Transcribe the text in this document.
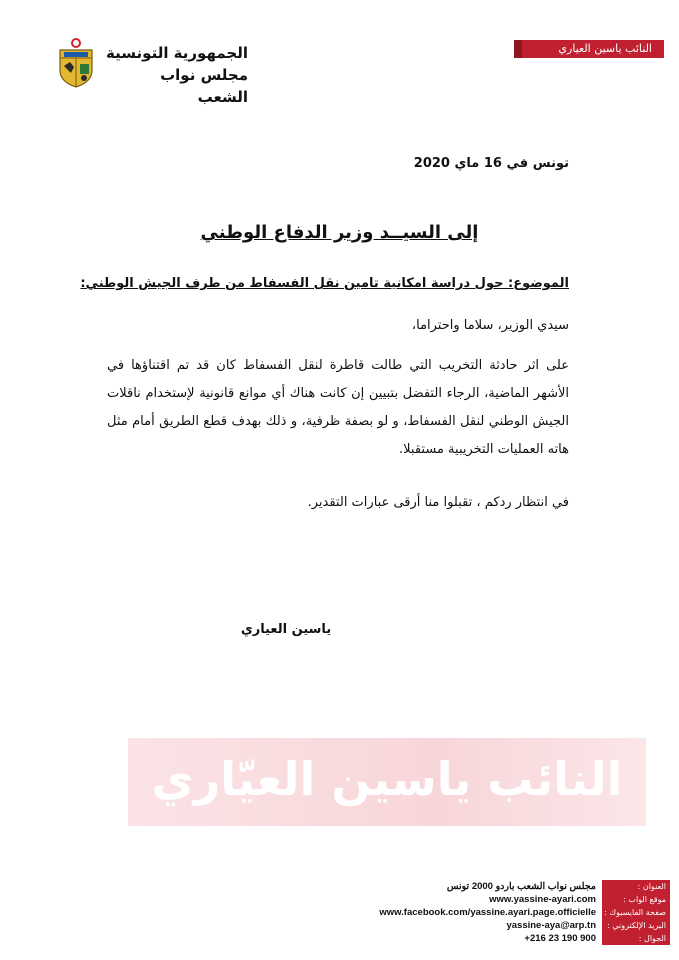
الجمهورية التونسية
مجلس نواب الشعب
النائب ياسين العياري
تونس في 16 ماي 2020
إلى السيــد وزير الدفاع الوطني
الموضوع: حول دراسة امكانية تامين نقل الفسفاط من طرف الجيش الوطني:
سيدي الوزير، سلاما واحتراما،
على اثر حادثة التخريب التي طالت قاطرة لنقل الفسفاط كان قد تم اقتناؤها في الأشهر الماضية، الرجاء التفضل بتبيين إن كانت هناك أي موانع قانونية لإستخدام ناقلات الجيش الوطني لنقل الفسفاط، و لو بصفة ظرفية، و ذلك بهدف قطع الطريق أمام مثل هاته العمليات التخريبية مستقبلا.
في انتظار ردكم ، تقبلوا منا أرقى عبارات التقدير.
ياسين العياري
النائب ياسين العيّاري
مجلس نواب الشعب باردو 2000 تونس	العنوان :
www.yassine-ayari.com	موقع الواب :
www.facebook.com/yassine.ayari.page.officielle	صفحة الفايسبوك :
yassine-aya@arp.tn	البريد الإلكتروني :
+216 23 190 900	الجوال :
